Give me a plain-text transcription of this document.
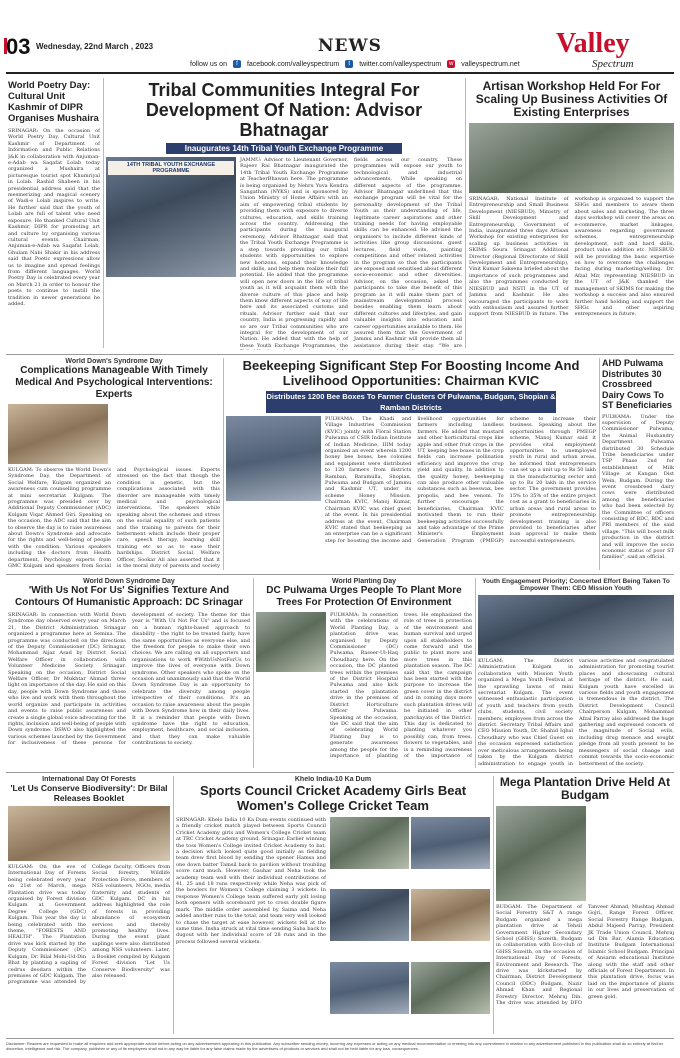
03 Wednesday, 22nd March , 2023	NEWS
follow us on	f	facebook.com/valleyspectrum	t	twitter.com/valleyspectrum	w valleyspectrum.net
Valley
Spectrum
World Poetry Day: Cultural Unit Kashmir of DIPR Organises Mushaira
SRINAGAR: On the occasion of World Poetry Day, Cultural Unit Kashmir of Department of Information and Public Relations J&K in collaboration with Anjuman-e-Adab wa Saqafat Lolab today organized a Mushaira at picturesque tourist spot Khumriyal in Lolab. Rashid Shaheen in his presidential address said that the mesmerizing and magical scenery of Wadi-e Lolab inspires to write. He further said that the youth of Lolab are full of talent who need exposure. He thanked Cultural Unit Kashmir, DIPR for promoting art and culture by organising various cultural events. Chairman, Anjuman-e-Adab wa Saqafat Lolab, Ghulam Nabi Shakir in his address said that Poetic expressions allow us to imagine and spread feelings from different languages. World Poetry Day is celebrated every year on March 21 in order to honour the poets to continue to instill the tradition in newer generations he added.
Tribal Communities Integral For Development Of Nation: Advisor Bhatnagar
Inaugurates 14th Tribal Youth Exchange Programme
14TH TRIBAL YOUTH EXCHANGE PROGRAMME
JAMMU: Advisor to Lieutenant Governor, Rajeev Rai Bhatnagar inaugurated the 14th Tribal Youth Exchange Programme at TeacherBhawan here. The programme is being organized by Nehru Yuva Kendra Sangathan (NYKS) and is sponsored by Union Ministry of Home Affairs with an aim of empowering tribal students by providing them with exposure to diverse cultures, education, and skills training across the country. Addressing the participants during the inaugural ceremony, Advisor Bhatnagar said that the Tribal Youth Exchange Programme is a step towards providing our tribal students with opportunities to explore new horizons, expand their knowledge and skills, and help them realize their full potential. He added that the programme will open new doors in the life of tribal youth as it will acquaint them with the diverse culture of this place and help them know different aspects of way of life here and its associated customs and rituals. Advisor further said that our country, India is progressing rapidly and so are our Tribal communities who are integral for the development of our Nation. He added that with the help of these Youth Exchange Programmes, the fields across our country. These programmes will expose our youth to technological and industrial advancements. While speaking on different aspects of the programme, Advisor Bhatnagar underlined that this exchange program will be vital for the personality development of the Tribal Youth as their understanding of life, legitimate career aspirations and other training needs for having employable skills can be enhanced. He advised the organisers to include different kinds of activities like group discussions, guest lectures, field visits, painting competitions and other related activities in the program so that the participants are exposed and sensitised about different socio-economic and other diversities. Advisor, on the occasion, asked the participants to take due benefit of this program as it will make them part of mainstream developmental process besides enabling them learn about different cultures and lifestyles, and gain valuable insights into education and career opportunities available to them. He assured them that the Government of Jammu and Kashmir will provide them all assistance during their stay. "We are
Artisan Workshop Held For For Scaling Up Business Activities Of Existing Enterprises
SRINAGAR: National Institute of Entrepreneurship and Small Business Development (NIESBUD), Ministry of Skill Development and Entrepreneurship, Government of India, inaugurated three days Artisan Workshop for existing enterprises for scaling up business activities in SKIMS Soura Srinagar. Additional Director (Regional Directorate of Skill Development and Entrepreneurship), Vinit Kumar Saksena briefed about the importance of such programmes and also the programmes conducted by NIESBUD and NSTI in the UT of Jammu and Kashmir. He also encouraged the participants to work with enthusiasm and assured further support from NIESBUD in future. The workshop is organized to support the SHGs and members to aware them about sales and marketing. The three days workshop will cover the areas on e-commerce, market linkages, awareness regarding government schemes, entrepreneurship development, soft and hard skills, product value addition etc. NIESBUD will be providing the basic expertise on how to overcome the challenges facing during marketing/selling. Dr. Afzal Mir, representing NIESBUD in the UT of J&K thanked the management of SKIMS for making the workshop a success and also ensured further hand holding and support the SHGs and other aspiring entrepreneurs in future.
World Down's Syndrome Day
Complications Manageable With Timely Medical And Psychological Interventions: Experts
KULGAM: To observe the World Down's Syndrome Day, the Department of Social Welfare, Kulgam organized an awareness cum counselling programme at mini secretariat Kulgam. The programme was presided over by Additional Deputy Commissioner (ADC) Kulgam Viqar Ahmed Giri. Speaking on the occasion, the ADC said that the aim to observe the day is to raise awareness about Down's Syndrome and advocate for the rights and well-being of people with the condition. Various speakers including the doctors from Health department, Psychology experts from GMC Kulgam and speakers from Social and Psychological issues. Experts stressed on the fact that though the condition is genetic, but the complications associated with this disorder are manageable with timely medical and psychological interventions. The speakers while speaking about the schemes and stress on the social equality of such patients and the training to parents for their betterment which include their proper care, speech therapy, learning skill training etc so as to ease their hardships. District Social Welfare Officer, Sookar Ali also asserted that it is the moral duty of parents and society
Beekeeping Significant Step For Boosting Income And Livelihood Opportunities: Chairman KVIC
Distributes 1200 Bee Boxes To Farmer Clusters Of Pulwama, Budgam, Shopian & Ramban Districts
PULWAMA: The Khadi and Village Industries Commission (KVIC) jointly with Floral Station Pulwama of CSIR Indian Institute of Indian Medicine, IIIM today organized an event wherein 1200 honey bee boxes, bee colonies and equipment were distributed to 120 farmers from districts Ramban, Baramulla, Shopian, Pulwama and Budgam of Jammu and Kashmir UT, under its scheme Honey Mission. Chairman KVIC, Manoj Kumar, Chairman KVIC was chief guest at the event. In his presidential address at the event, Chairman KVIC stated that beekeeping as an enterprise can be a significant step for boosting the income and livelihood opportunities for farmers including landless farmers. He added that mustard and other horticultural crops like apple and other fruit crops in the UT, keeping bee boxes in the crop fields can increase pollination efficiency and improve the crop yield and quality. In addition to the quality honey, beekeeping can also produce other valuable substances such as beeswax, bee propolis, and bee venom. To further encourage the beneficiaries, Chairman KVIC motivated them to run their beekeeping activities successfully and take advantage of the Prime Minister's Employment Generation Program (PMEGP) scheme to increase their business. Speaking about the opportunities through PMEGP scheme, Manoj Kumar said it provides vital employment opportunities to unemployed youth in rural and urban areas, he informed that entrepreneurs can set up a unit up to Rs 50 lakh in the manufacturing sector and up to Rs 20 lakh in the service sector. The government provides 15% to 35% of the entire project cost as a grant to beneficiaries in urban areas and rural areas to promote entrepreneurship development training is also provided to beneficiaries after loan approval to make them successful entrepreneurs.
AHD Pulwama Distributes 30 Crossbreed Dairy Cows To ST Beneficiaries
PULWAMA: Under the supervision of Deputy Commissioner Pulwama, the Animal Husbandry Department Pulwama distributed 30 Schedule Tribe beneficiaries under TSP Phase 2nd for establishment of Milk Village at Kangan Dist Wein, Budgam. During the event crossbreed dairy cows were distributed among the beneficiaries who had been selected by the Committee of officers consisting of BDC, BDC and PRI members of the said village. "This will boost milk production in the district and will improve the socio economic status of poor ST families", said an official.
World Down Syndrome Day
'With Us Not For Us' Signifies Texture And Contours Of Humanistic Approach: DC Srinagar
SRINAGAR: In connection with World Down Syndrome day observed every year on March 21, the District Administration Srinagar organized a programme here at Semina. The programme was conducted on the directions of the Deputy Commissioner (DC) Srinagar, Mohammad Aijaz Asad by District Social Welfare Officer in collaboration with Volunteer Medicine Society Srinagar. Speaking on the occasion, District Social Welfare Officer, Dr Mukhtar Ahmad threw light on importance of the day. He said on this day, people with Down Syndrome and those who live and work with them throughout the world organize and participate in activities and events to raise public awareness and create a single global voice advocating for the rights, inclusion and well-being of people with Down syndrome. DSWO also highlighted the various schemes launched by the Government for inclusiveness of these persons for development of society. The theme for this year is "With Us Not For Us" and is focused on a human rights-based approach to disability - the right to be treated fairly, have the same opportunities as everyone else, and the freedom for people to make their own choices. We are calling on all supporters and organisations to work #WithUsNotForUs to improve the lives of everyone with Down syndrome. Other speakers who spoke on the occasion and unanimously said that the World Down Syndrome Day is an opportunity to celebrate the diversity among people irrespective of their conditions. It's an occasion to raise awareness about the people with Down Syndrome how in their daily lives. It is a reminder that people with Down syndrome have the right to education, employment, healthcare, and social inclusion, and that they can make valuable contributions to society.
World Planting Day
DC Pulwama Urges People To Plant More Trees For Protection Of Environment
PULWAMA: In connection with the celebrations of World Planting Day, a plantation drive was organised by Deputy Commissioner (DC) Pulwama, Baseer-Ul-Haq Choudhary, here. On the occasion, the DC planted trees within the premises of the District Hospital Pulwama and also kick started the plantation drive in the premises of District Horticulture Officer Pulwama. Speaking at the occasion, the DC said that the aim of celebrating World Planting Day is to generate awareness among the people for the importance of planting trees. He emphasized the role of trees in protection of the environment and human survival and urged upon all stakeholders to come forward and the public to plant more and more trees in this plantation season. The DC said that the campaign has been started with the purpose to increase the green cover in the district and in coming days more such plantation drives will be initiated in other panchayats of the District. This day is dedicated to planting whatever you possibly can, from trees, flowers to vegetables, and is a reminding awareness of the importance of
Youth Engagement Priority; Concerted Effort Being Taken To Empower Them: CEO Mission Youth
KULGAM: The District Administration Kulgam in collaboration with Mission Youth organized a Mega Youth Festival at the sprawling lawns of mini secretariat Kulgam. The event witnessed enthusiastic participation of youth and teachers from youth clubs, students, civil society members, employees from across the district. Secretary Tribal Affairs and CEO Mission Youth, Dr. Shahid Iqbal Choudhary who was Chief Guest on the occasion expressed satisfaction over meticulous arrangements being taken by the Kulgam district administration to engage youth in various activities and congratulated administration for promoting tourist places and showcasing cultural heritage of the district. He said, Kulgam youth have excelled in various fields and youth engagement is tremendous in the district. The District Development Council Chairperson Kulgam, Mohammad Afzal Parray also addressed the huge gathering and expressed concern of the magnitude of Social evils, including drug menace and sought pledge from all youth present to be messengers of social change and commit towards the socio-economic betterment of the society.
International Day Of Forests
'Let Us Conserve Biodiversity': Dr Bilal Releases Booklet
KULGAM: On the eve of International Day of Forests being celebrated every year on 21st of March, mega Plantation drive was today organised by Forest division Kulgam at Government Degree College (GDC) Kulgam. This year the day is being celebrated with the theme, "FORESTS AND HEALTH". The Plantation drive was kick started by the Deputy Commissioner (DC) Kulgam, Dr. Bilal Mohi-Ud-Din Bhat by planting a sapling of cedrus deodara within the premises of GDC Kulgam. The programme was attended by College faculty, Officers from Social forestry, Wildlife Protection Force, members of NSS volunteers, NGOs, media fraternity and students of GDC Kulgam. DC in his address highlighted the role of forests in providing abundance of ecosystem services and thereby promoting healthy lives. During the event plant saplings were also distributed among NSS volunteers. Later, a Booklet compiled by Kulgam Forest division "Let Us Conserve Biodiversity" was also released.
Khelo India-10 Ka Dum
Sports Council Cricket Academy Girls Beat Women's College Cricket Team
SRINAGAR: Khelo India 10 Ka Dum events continued with a friendly cricket match played between Sports Council Cricket Academy girls and Women's College Cricket team at TRC Cricket Academy ground, Srinagar. Earlier winning the toss Women's College invited Cricket Academy to bat, a decision which looked quite good initially as fielding team drew first blood by sending the opener Hamsa and one down batter Tamsil back to pavilion without troubling score card much. However, Gauhar and Neha took the academy team well with their individual contributions of 41, 25 and 18 runs respectively while Neha was pick of the bowlers for Women's College claiming 3 wickets. In response Women's College team suffered early jolt losing both openers with scoreboard yet to cross double figure mark. The middle order assembled by Saima and Neha added another runs to the total, and team very well looked to chase the target at ease however, wickets fell at the same time. Insha struck at vital time sending Saba back to dugout with her individual score of 28 runs and in the process followed several wickets.
Mega Plantation Drive Held At Budgam
BUDGAM: The Department of Social Forestry S&T A range Budgam organized a mega plantation drive at Tehsil Government Higher Secondary School (GHSS) Sozeith, Budgam in collaboration with Eco-club of GHSS Sozeith, on the occasion of International Day of Forests, Environment and Research. The drive was kickstarted by Chairman, District Development Council (DDC) Budgam, Nazir Ahmad Khan and Regional Forestry Director, Mehraj Din. The drive was attended by DFO Tanveer Ahmad, Mushtaq Ahmad Gojri, Range Forest Officer, Social Forestry Range Budgam, Abdul Majeed Parray, President JK Trade Union Council, Mehraj ud Din Bar, Alamia Education Institute Budgam International Islamic School Budgam. Principal of Ansarm educational Institute along with the staff and other officials of Forest Department. In this plantation drive, focus was laid on the importance of plants in our lives and preservation of green gold.
Disclaimer: Readers are requested to make all enquiries and seek appropriate advice before acting on any advertisement appearing in this publication. Any subscriber sending money, incurring any expenses or acting on any medical recommendation or entering into any commitment in relation to any advertisement published in this publication shall do so entirely at his/her discretion, intelligence and risk. The company, publisher or any of its employees shall not in any way be liable for any false claims made by the advertisers of products or services and shall not be held liable for any loss, consequences.
